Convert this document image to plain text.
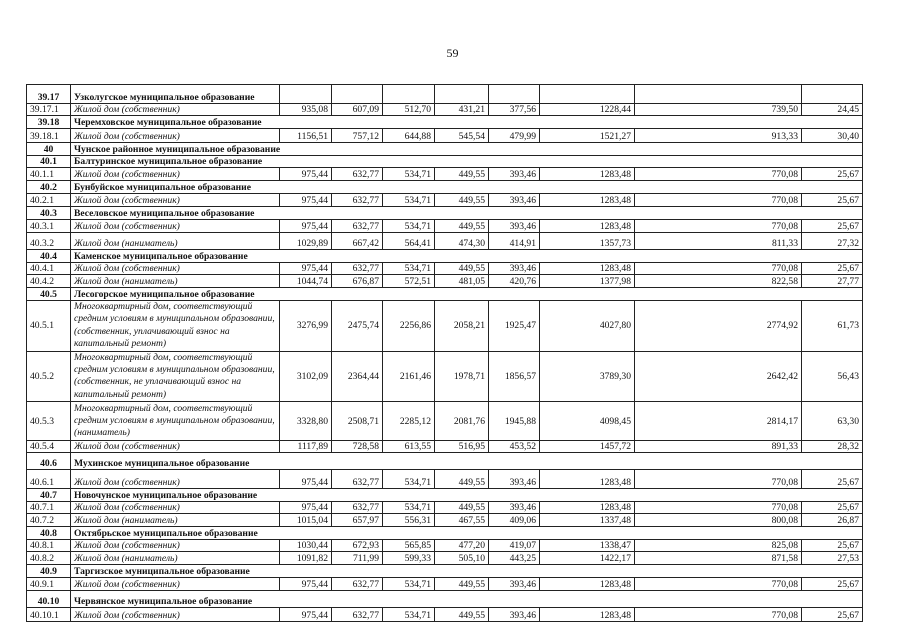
59
39.17	Узколугское муниципальное образование								
39.17.1	Жилой дом (собственник)	935,08	607,09	512,70	431,21	377,56	1228,44	739,50	24,45
39.18	Черемховское муниципальное образование								
39.18.1	Жилой дом (собственник)	1156,51	757,12	644,88	545,54	479,99	1521,27	913,33	30,40
40	Чунское районное муниципальное образование								
40.1	Балтуринское муниципальное образование								
40.1.1	Жилой дом (собственник)	975,44	632,77	534,71	449,55	393,46	1283,48	770,08	25,67
40.2	Бунбуйское муниципальное образование								
40.2.1	Жилой дом (собственник)	975,44	632,77	534,71	449,55	393,46	1283,48	770,08	25,67
40.3	Веселовское муниципальное образование								
40.3.1	Жилой дом (собственник)	975,44	632,77	534,71	449,55	393,46	1283,48	770,08	25,67
40.3.2	Жилой дом (наниматель)	1029,89	667,42	564,41	474,30	414,91	1357,73	811,33	27,32
40.4	Каменское муниципальное образование								
40.4.1	Жилой дом (собственник)	975,44	632,77	534,71	449,55	393,46	1283,48	770,08	25,67
40.4.2	Жилой дом (наниматель)	1044,74	676,87	572,51	481,05	420,76	1377,98	822,58	27,77
40.5	Лесогорское муниципальное образование								
40.5.1	Многоквартирный дом, соответствующий средним условиям в муниципальном образовании, (собственник, уплачивающий взнос на капитальный ремонт)	3276,99	2475,74	2256,86	2058,21	1925,47	4027,80	2774,92	61,73
40.5.2	Многоквартирный дом, соответствующий средним условиям в муниципальном образовании, (собственник, не уплачивающий взнос на капитальный ремонт)	3102,09	2364,44	2161,46	1978,71	1856,57	3789,30	2642,42	56,43
40.5.3	Многоквартирный дом, соответствующий средним условиям в муниципальном образовании, (наниматель)	3328,80	2508,71	2285,12	2081,76	1945,88	4098,45	2814,17	63,30
40.5.4	Жилой дом (собственник)	1117,89	728,58	613,55	516,95	453,52	1457,72	891,33	28,32
40.6	Мухинское муниципальное образование								
40.6.1	Жилой дом (собственник)	975,44	632,77	534,71	449,55	393,46	1283,48	770,08	25,67
40.7	Новочунское муниципальное образование								
40.7.1	Жилой дом (собственник)	975,44	632,77	534,71	449,55	393,46	1283,48	770,08	25,67
40.7.2	Жилой дом (наниматель)	1015,04	657,97	556,31	467,55	409,06	1337,48	800,08	26,87
40.8	Октябрьское муниципальное образование								
40.8.1	Жилой дом (собственник)	1030,44	672,93	565,85	477,20	419,07	1338,47	825,08	25,67
40.8.2	Жилой дом (наниматель)	1091,82	711,99	599,33	505,10	443,25	1422,17	871,58	27,53
40.9	Таргизское муниципальное образование								
40.9.1	Жилой дом (собственник)	975,44	632,77	534,71	449,55	393,46	1283,48	770,08	25,67
40.10	Червянское муниципальное образование								
40.10.1	Жилой дом (собственник)	975,44	632,77	534,71	449,55	393,46	1283,48	770,08	25,67
